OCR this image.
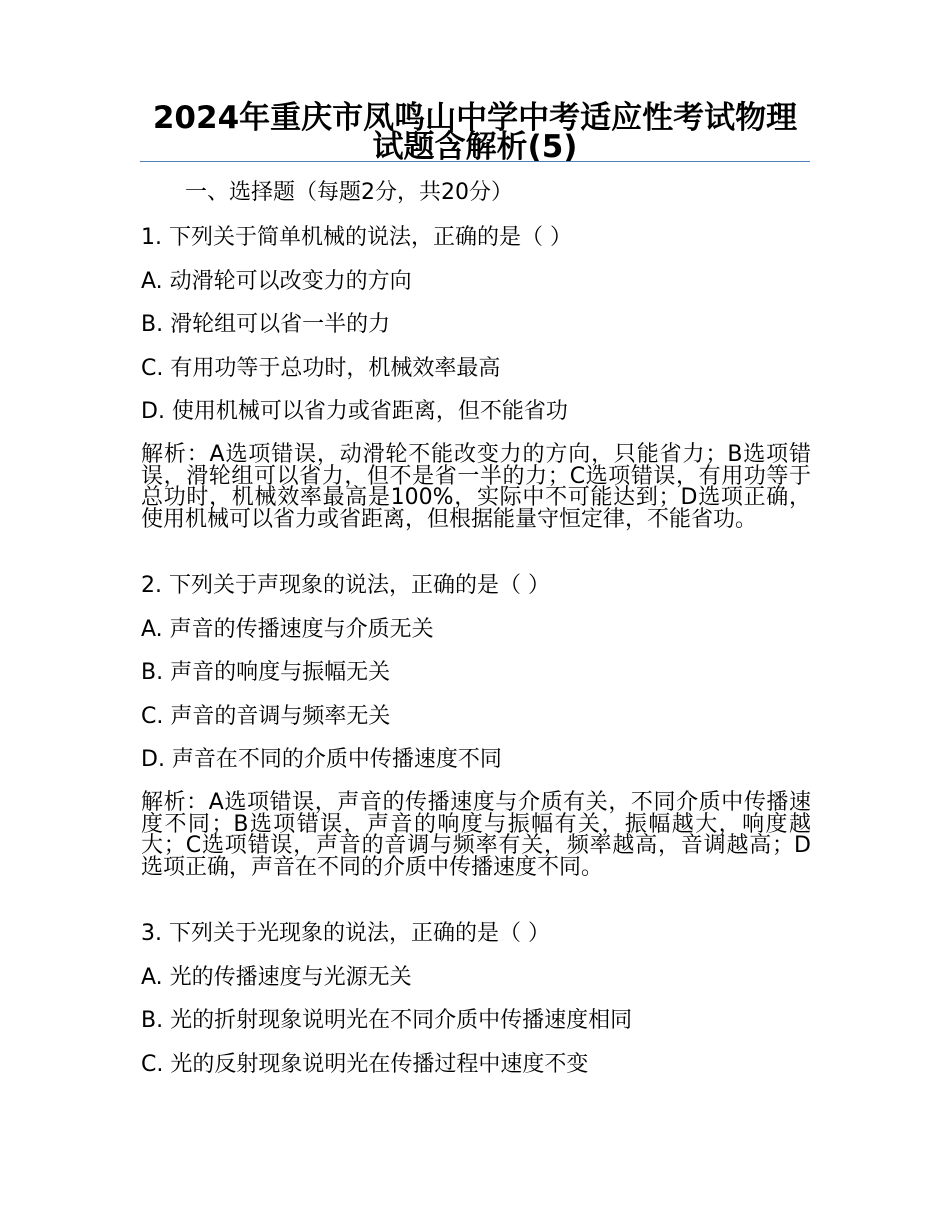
2024年重庆市凤鸣山中学中考适应性考试物理试题含解析(5)
一、选择题（每题2分，共20分）
1. 下列关于简单机械的说法，正确的是（ ）
A. 动滑轮可以改变力的方向
B. 滑轮组可以省一半的力
C. 有用功等于总功时，机械效率最高
D. 使用机械可以省力或省距离，但不能省功
解析：A选项错误，动滑轮不能改变力的方向，只能省力；B选项错误，滑轮组可以省力，但不是省一半的力；C选项错误，有用功等于总功时，机械效率最高是100%，实际中不可能达到；D选项正确，使用机械可以省力或省距离，但根据能量守恒定律，不能省功。
2. 下列关于声现象的说法，正确的是（ ）
A. 声音的传播速度与介质无关
B. 声音的响度与振幅无关
C. 声音的音调与频率无关
D. 声音在不同的介质中传播速度不同
解析：A选项错误，声音的传播速度与介质有关，不同介质中传播速度不同；B选项错误，声音的响度与振幅有关，振幅越大，响度越大；C选项错误，声音的音调与频率有关，频率越高，音调越高；D选项正确，声音在不同的介质中传播速度不同。
3. 下列关于光现象的说法，正确的是（ ）
A. 光的传播速度与光源无关
B. 光的折射现象说明光在不同介质中传播速度相同
C. 光的反射现象说明光在传播过程中速度不变
